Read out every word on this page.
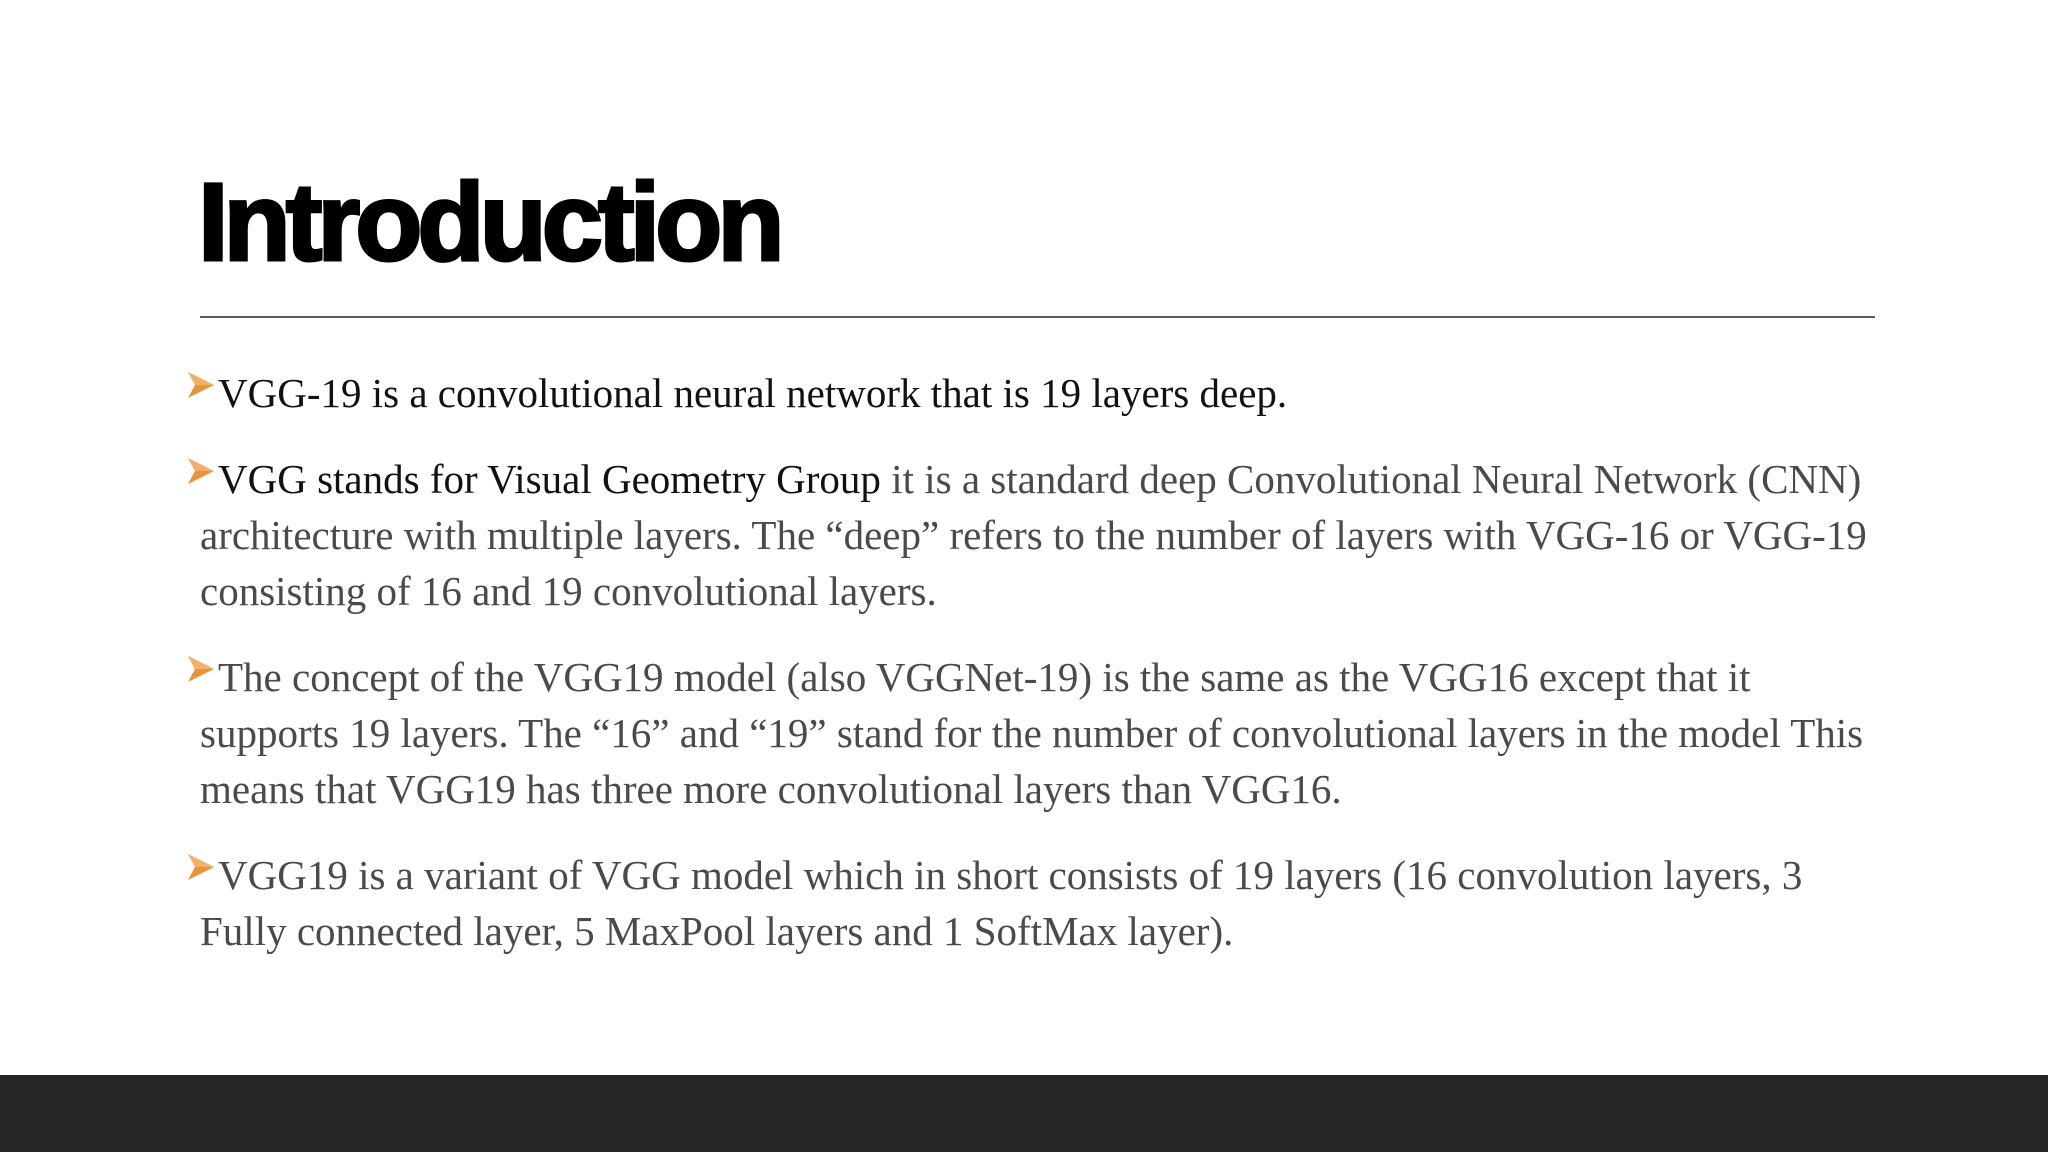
Introduction
VGG-19 is a convolutional neural network that is 19 layers deep.
VGG stands for Visual Geometry Group it is a standard deep Convolutional Neural Network (CNN) architecture with multiple layers. The “deep” refers to the number of layers with VGG-16 or VGG-19 consisting of 16 and 19 convolutional layers.
The concept of the VGG19 model (also VGGNet-19) is the same as the VGG16 except that it supports 19 layers. The “16” and “19” stand for the number of convolutional layers in the model This means that VGG19 has three more convolutional layers than VGG16.
VGG19 is a variant of VGG model which in short consists of 19 layers (16 convolution layers, 3 Fully connected layer, 5 MaxPool layers and 1 SoftMax layer).
